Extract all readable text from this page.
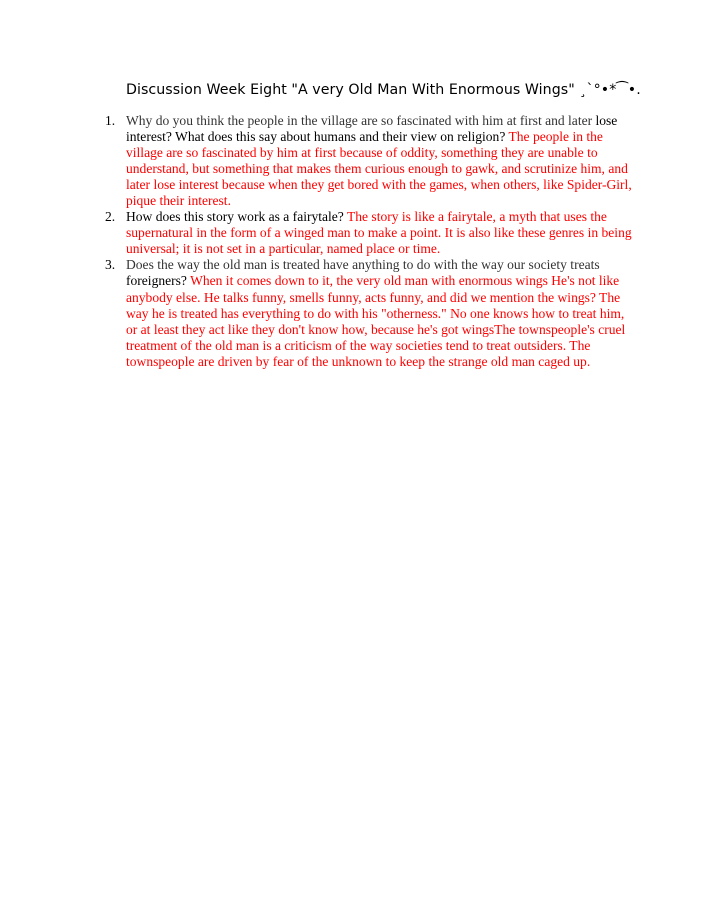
Discussion Week Eight "A very Old Man With Enormous Wings" ¸`°•*⁀•.
1. Why do you think the people in the village are so fascinated with him at first and later lose interest? What does this say about humans and their view on religion? The people in the village are so fascinated by him at first because of oddity, something they are unable to understand, but something that makes them curious enough to gawk, and scrutinize him, and later lose interest because when they get bored with the games, when others, like Spider-Girl, pique their interest.
2. How does this story work as a fairytale? The story is like a fairytale, a myth that uses the supernatural in the form of a winged man to make a point. It is also like these genres in being universal; it is not set in a particular, named place or time.
3. Does the way the old man is treated have anything to do with the way our society treats foreigners? When it comes down to it, the very old man with enormous wings He's not like anybody else. He talks funny, smells funny, acts funny, and did we mention the wings? The way he is treated has everything to do with his "otherness." No one knows how to treat him, or at least they act like they don't know how, because he's got wingsThe townspeople's cruel treatment of the old man is a criticism of the way societies tend to treat outsiders. The townspeople are driven by fear of the unknown to keep the strange old man caged up.
